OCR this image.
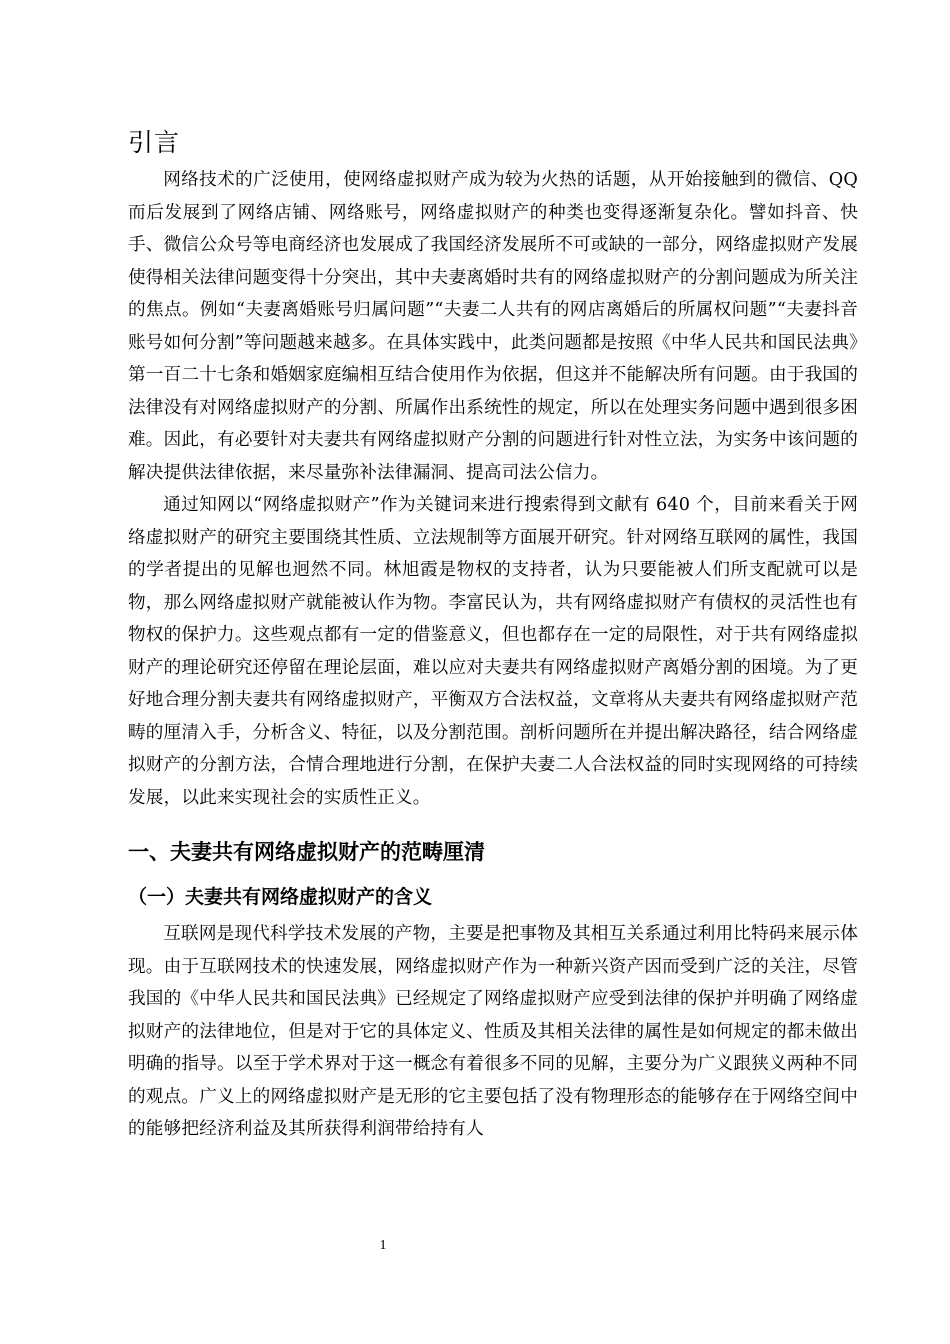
引言

网络技术的广泛使用，使网络虚拟财产成为较为火热的话题，从开始接触到的微信、QQ 而后发展到了网络店铺、网络账号，网络虚拟财产的种类也变得逐渐复杂化。譬如抖音、快手、微信公众号等电商经济也发展成了我国经济发展所不可或缺的一部分，网络虚拟财产发展使得相关法律问题变得十分突出，其中夫妻离婚时共有的网络虚拟财产的分割问题成为所关注的焦点。例如“夫妻离婚账号归属问题”“夫妻二人共有的网店离婚后的所属权问题”“夫妻抖音账号如何分割”等问题越来越多。在具体实践中，此类问题都是按照《中华人民共和国民法典》第一百二十七条和婚姻家庭编相互结合使用作为依据，但这并不能解决所有问题。由于我国的法律没有对网络虚拟财产的分割、所属作出系统性的规定，所以在处理实务问题中遇到很多困难。因此，有必要针对夫妻共有网络虚拟财产分割的问题进行针对性立法，为实务中该问题的解决提供法律依据，来尽量弥补法律漏洞、提高司法公信力。

通过知网以“网络虚拟财产”作为关键词来进行搜索得到文献有 640 个，目前来看关于网络虚拟财产的研究主要围绕其性质、立法规制等方面展开研究。针对网络互联网的属性，我国的学者提出的见解也迥然不同。林旭霞是物权的支持者，认为只要能被人们所支配就可以是物，那么网络虚拟财产就能被认作为物。李富民认为，共有网络虚拟财产有债权的灵活性也有物权的保护力。这些观点都有一定的借鉴意义，但也都存在一定的局限性，对于共有网络虚拟财产的理论研究还停留在理论层面，难以应对夫妻共有网络虚拟财产离婚分割的困境。为了更好地合理分割夫妻共有网络虚拟财产，平衡双方合法权益，文章将从夫妻共有网络虚拟财产范畴的厘清入手，分析含义、特征，以及分割范围。剖析问题所在并提出解决路径，结合网络虚拟财产的分割方法，合情合理地进行分割，在保护夫妻二人合法权益的同时实现网络的可持续发展，以此来实现社会的实质性正义。

一、夫妻共有网络虚拟财产的范畴厘清
（一）夫妻共有网络虚拟财产的含义

互联网是现代科学技术发展的产物，主要是把事物及其相互关系通过利用比特码来展示体现。由于互联网技术的快速发展，网络虚拟财产作为一种新兴资产因而受到广泛的关注，尽管我国的《中华人民共和国民法典》已经规定了网络虚拟财产应受到法律的保护并明确了网络虚拟财产的法律地位，但是对于它的具体定义、性质及其相关法律的属性是如何规定的都未做出明确的指导。以至于学术界对于这一概念有着很多不同的见解，主要分为广义跟狭义两种不同的观点。广义上的网络虚拟财产是无形的它主要包括了没有物理形态的能够存在于网络空间中的能够把经济利益及其所获得利润带给持有人

1
